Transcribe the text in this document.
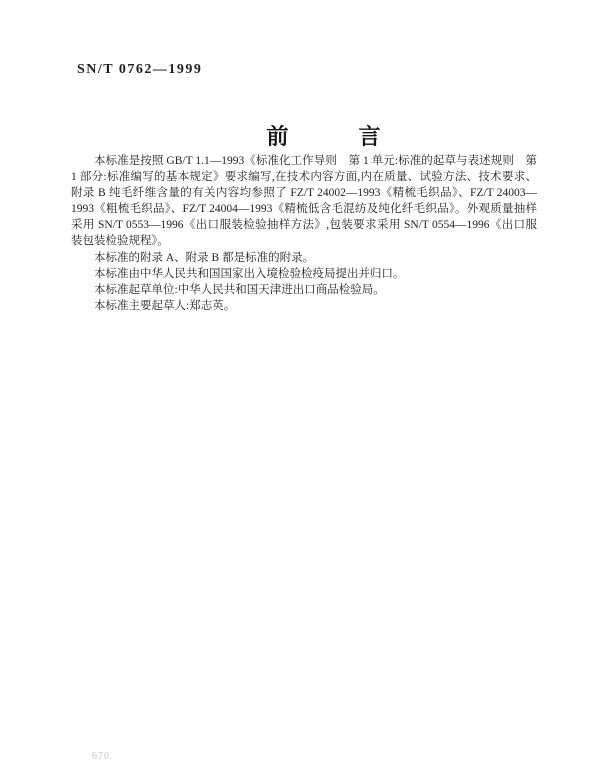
SN/T 0762—1999
前　　　言

本标准是按照 GB/T 1.1—1993《标准化工作导则　第 1 单元:标准的起草与表述规则　第 1 部分:标准编写的基本规定》要求编写,在技术内容方面,内在质量、试验方法、技术要求、附录 B 纯毛纤维含量的有关内容均参照了 FZ/T 24002—1993《精梳毛织品》、FZ/T 24003—1993《粗梳毛织品》、FZ/T 24004—1993《精梳低含毛混纺及纯化纤毛织品》。外观质量抽样采用 SN/T 0553—1996《出口服装检验抽样方法》,包装要求采用 SN/T 0554—1996《出口服装包装检验规程》。

本标准的附录 A、附录 B 都是标准的附录。

本标准由中华人民共和国国家出入境检验检疫局提出并归口。

本标准起草单位:中华人民共和国天津进出口商品检验局。

本标准主要起草人:郑志英。

670
